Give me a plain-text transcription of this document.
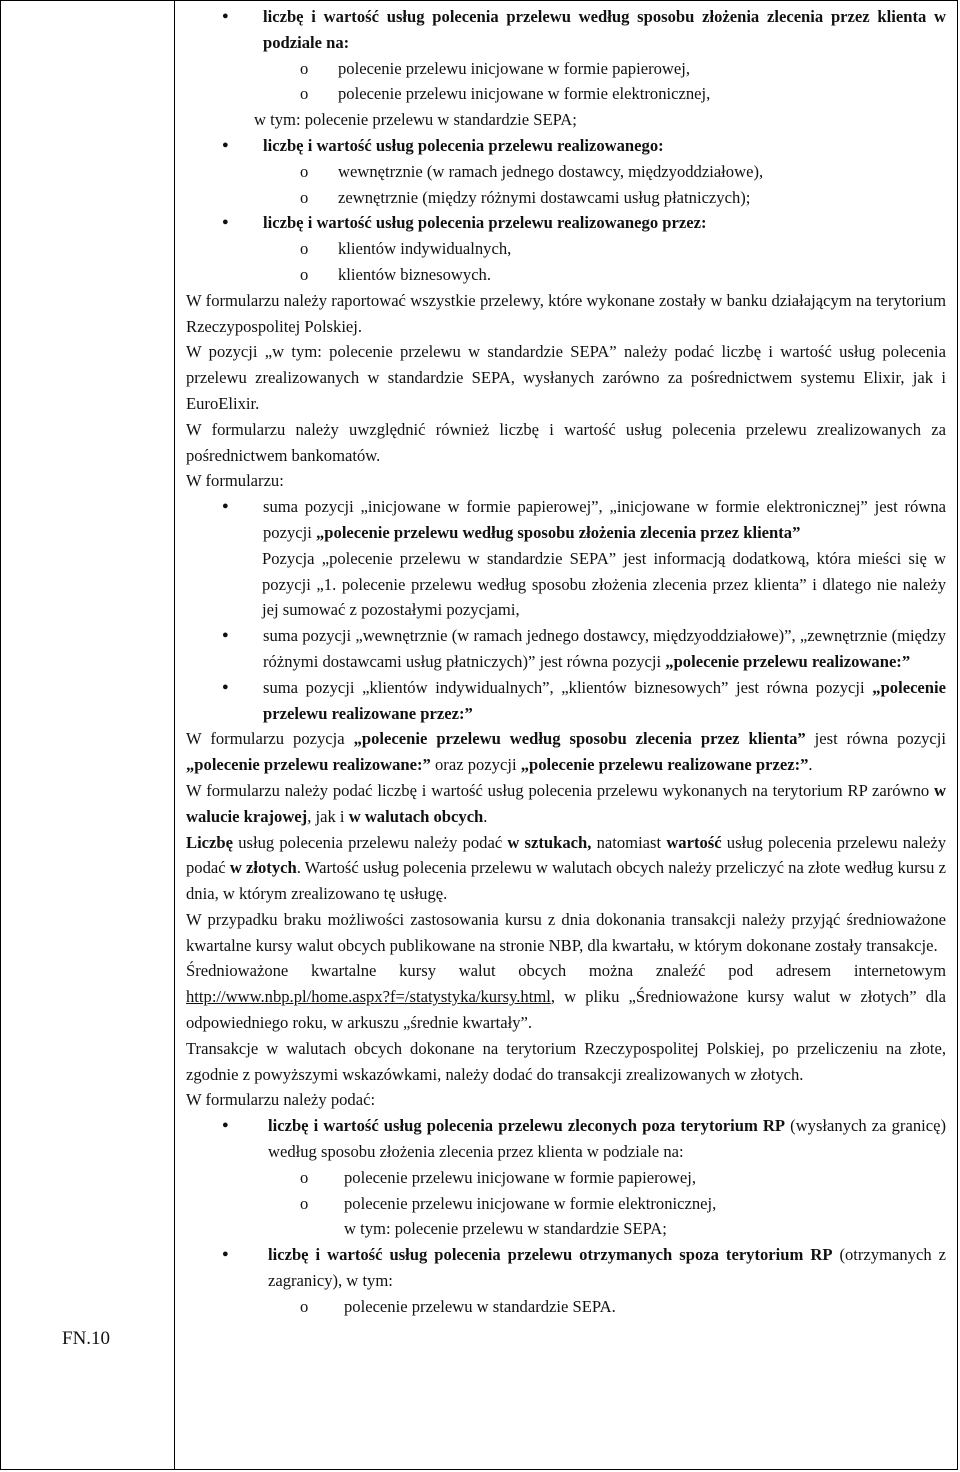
FN.10
● liczbę i wartość usług polecenia przelewu według sposobu złożenia zlecenia przez klienta w podziale na:
o polecenie przelewu inicjowane w formie papierowej,
o polecenie przelewu inicjowane w formie elektronicznej,
w tym: polecenie przelewu w standardzie SEPA;
● liczbę i wartość usług polecenia przelewu realizowanego:
o wewnętrznie (w ramach jednego dostawcy, międzyoddziałowe),
o zewnętrznie (między różnymi dostawcami usług płatniczych);
● liczbę i wartość usług polecenia przelewu realizowanego przez:
o klientów indywidualnych,
o klientów biznesowych.

W formularzu należy raportować wszystkie przelewy, które wykonane zostały w banku działającym na terytorium Rzeczypospolitej Polskiej.

W pozycji „w tym: polecenie przelewu w standardzie SEPA” należy podać liczbę i wartość usług polecenia przelewu zrealizowanych w standardzie SEPA, wysłanych zarówno za pośrednictwem systemu Elixir, jak i EuroElixir.

W formularzu należy uwzględnić również liczbę i wartość usług polecenia przelewu zrealizowanych za pośrednictwem bankomatów.

W formularzu:

● suma pozycji „inicjowane w formie papierowej”, „inicjowane w formie elektronicznej” jest równa pozycji „polecenie przelewu według sposobu złożenia zlecenia przez klienta”
Pozycja „polecenie przelewu w standardzie SEPA” jest informacją dodatkową, która mieści się w pozycji „1. polecenie przelewu według sposobu złożenia zlecenia przez klienta” i dlatego nie należy jej sumować z pozostałymi pozycjami,
● suma pozycji „wewnętrznie (w ramach jednego dostawcy, międzyoddziałowe)”, „zewnętrznie (między różnymi dostawcami usług płatniczych)” jest równa pozycji „polecenie przelewu realizowane:”
● suma pozycji „klientów indywidualnych”, „klientów biznesowych” jest równa pozycji „polecenie przelewu realizowane przez:”

W formularzu pozycja „polecenie przelewu według sposobu zlecenia przez klienta” jest równa pozycji „polecenie przelewu realizowane:” oraz pozycji „polecenie przelewu realizowane przez:”.

W formularzu należy podać liczbę i wartość usług polecenia przelewu wykonanych na terytorium RP zarówno w walucie krajowej, jak i w walutach obcych.

Liczbę usług polecenia przelewu należy podać w sztukach, natomiast wartość usług polecenia przelewu należy podać w złotych. Wartość usług polecenia przelewu w walutach obcych należy przeliczyć na złote według kursu z dnia, w którym zrealizowano tę usługę.

W przypadku braku możliwości zastosowania kursu z dnia dokonania transakcji należy przyjąć średnioważone kwartalne kursy walut obcych publikowane na stronie NBP, dla kwartału, w którym dokonane zostały transakcje.

Średnioważone kwartalne kursy walut obcych można znaleźć pod adresem internetowym http://www.nbp.pl/home.aspx?f=/statystyka/kursy.html, w pliku „Średnioważone kursy walut w złotych” dla odpowiedniego roku, w arkuszu „średnie kwartały”.

Transakcje w walutach obcych dokonane na terytorium Rzeczypospolitej Polskiej, po przeliczeniu na złote, zgodnie z powyższymi wskazówkami, należy dodać do transakcji zrealizowanych w złotych.

W formularzu należy podać:

● liczbę i wartość usług polecenia przelewu zleconych poza terytorium RP (wysłanych za granicę) według sposobu złożenia zlecenia przez klienta w podziale na:
o polecenie przelewu inicjowane w formie papierowej,
o polecenie przelewu inicjowane w formie elektronicznej,
w tym: polecenie przelewu w standardzie SEPA;
● liczbę i wartość usług polecenia przelewu otrzymanych spoza terytorium RP (otrzymanych z zagranicy), w tym:
o polecenie przelewu w standardzie SEPA.
